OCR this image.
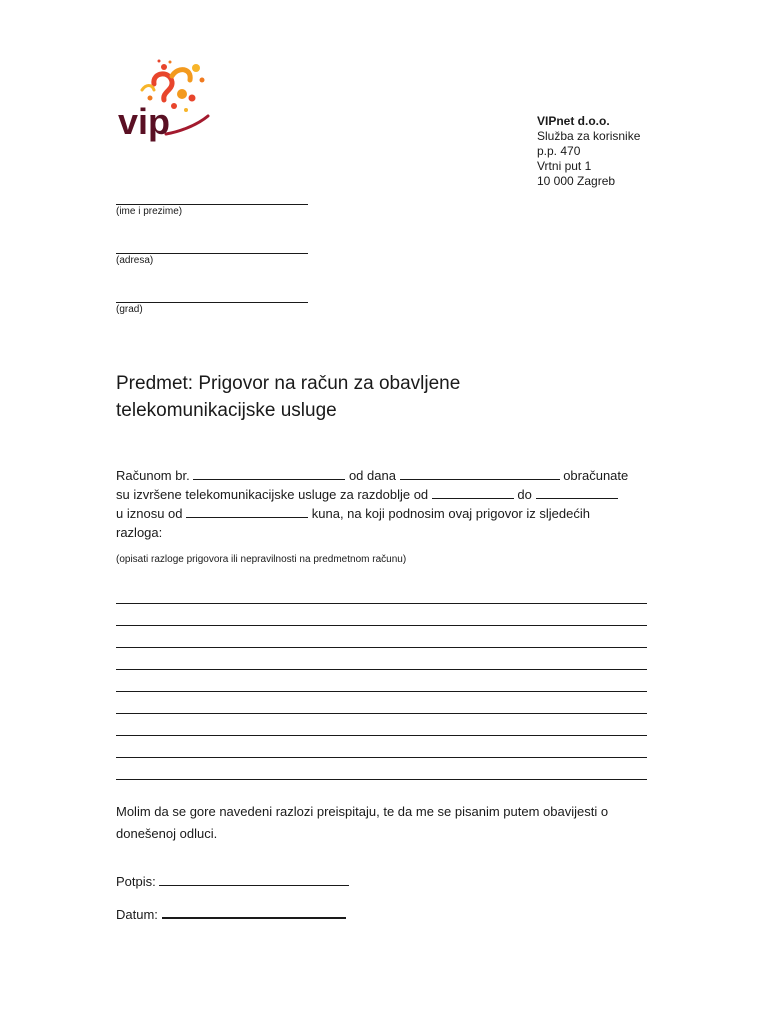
vip	VIPnet d.o.o.
Služba za korisnike
p.p. 470
Vrtni put 1
10 000 Zagreb
(ime i prezime)
(adresa)
(grad)
Predmet: Prigovor na račun za obavljene
telekomunikacijske usluge
Računom br.	od dana	obračunate
su izvršene telekomunikacijske usluge za razdoblje od	do
u iznosu od	kuna, na koji podnosim ovaj prigovor iz sljedećih
razloga:
(opisati razloge prigovora ili nepravilnosti na predmetnom računu)
Molim da se gore navedeni razlozi preispitaju, te da me se pisanim putem obavijesti o donešenoj odluci.
Potpis:
Datum:
